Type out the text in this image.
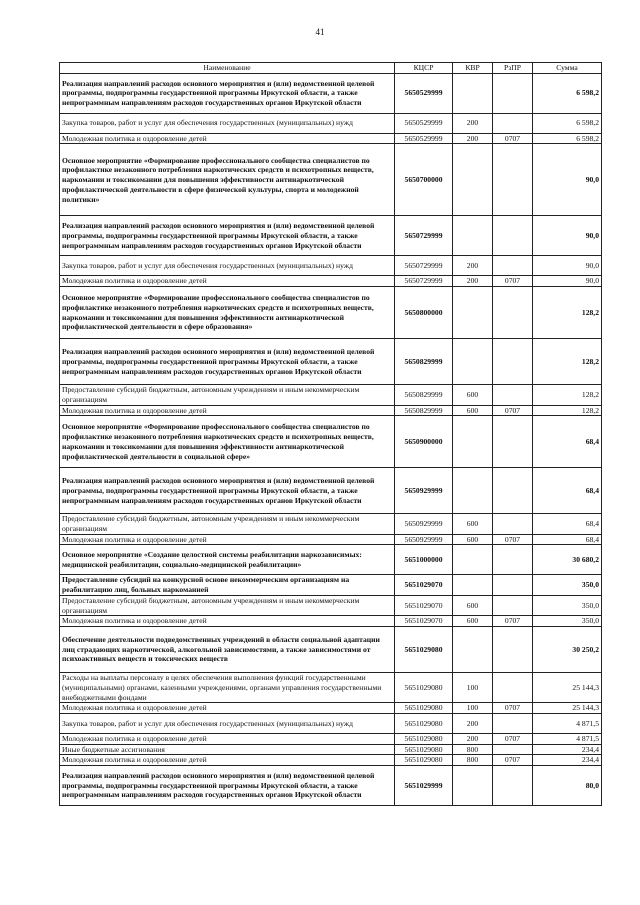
41
Наименование	КЦСР	КВР	РзПР	Сумма
Реализация направлений расходов основного мероприятия и (или) ведомственной целевой программы, подпрограммы государственной программы Иркутской области, а также непрограммным направлениям расходов государственных органов Иркутской области	5650529999			6 598,2
Закупка товаров, работ и услуг для обеспечения государственных (муниципальных) нужд	5650529999	200		6 598,2
Молодежная политика и оздоровление детей	5650529999	200	0707	6 598,2
Основное мероприятие «Формирование профессионального сообщества специалистов по профилактике незаконного потребления наркотических средств и психотропных веществ, наркомании и токсикомании для повышения эффективности антинаркотической профилактической деятельности в сфере физической культуры, спорта и молодежной политики»	5650700000			90,0
Реализация направлений расходов основного мероприятия и (или) ведомственной целевой программы, подпрограммы государственной программы Иркутской области, а также непрограммным направлениям расходов государственных органов Иркутской области	5650729999			90,0
Закупка товаров, работ и услуг для обеспечения государственных (муниципальных) нужд	5650729999	200		90,0
Молодежная политика и оздоровление детей	5650729999	200	0707	90,0
Основное мероприятие «Формирование профессионального сообщества специалистов по профилактике незаконного потребления наркотических средств и психотропных веществ, наркомании и токсикомании для повышения эффективности антинаркотической профилактической деятельности в сфере образования»	5650800000			128,2
Реализация направлений расходов основного мероприятия и (или) ведомственной целевой программы, подпрограммы государственной программы Иркутской области, а также непрограммным направлениям расходов государственных органов Иркутской области	5650829999			128,2
Предоставление субсидий бюджетным, автономным учреждениям и иным некоммерческим организациям	5650829999	600		128,2
Молодежная политика и оздоровление детей	5650829999	600	0707	128,2
Основное мероприятие «Формирование профессионального сообщества специалистов по профилактике незаконного потребления наркотических средств и психотропных веществ, наркомании и токсикомании для повышения эффективности антинаркотической профилактической деятельности в социальной сфере»	5650900000			68,4
Реализация направлений расходов основного мероприятия и (или) ведомственной целевой программы, подпрограммы государственной программы Иркутской области, а также непрограммным направлениям расходов государственных органов Иркутской области	5650929999			68,4
Предоставление субсидий бюджетным, автономным учреждениям и иным некоммерческим организациям	5650929999	600		68,4
Молодежная политика и оздоровление детей	5650929999	600	0707	68,4
Основное мероприятие «Создание целостной системы реабилитации наркозависимых: медицинской реабилитации, социально-медицинской реабилитации»	5651000000			30 680,2
Предоставление субсидий на конкурсной основе некоммерческим организациям на реабилитацию лиц, больных наркоманией	5651029070			350,0
Предоставление субсидий бюджетным, автономным учреждениям и иным некоммерческим организациям	5651029070	600		350,0
Молодежная политика и оздоровление детей	5651029070	600	0707	350,0
Обеспечение деятельности подведомственных учреждений в области социальной адаптации лиц страдающих наркотической, алкогольной зависимостями, а также зависимостями от психоактивных веществ и токсических веществ	5651029080			30 250,2
Расходы на выплаты персоналу в целях обеспечения выполнения функций государственными (муниципальными) органами, казенными учреждениями, органами управления государственными внебюджетными фондами	5651029080	100		25 144,3
Молодежная политика и оздоровление детей	5651029080	100	0707	25 144,3
Закупка товаров, работ и услуг для обеспечения государственных (муниципальных) нужд	5651029080	200		4 871,5
Молодежная политика и оздоровление детей	5651029080	200	0707	4 871,5
Иные бюджетные ассигнования	5651029080	800		234,4
Молодежная политика и оздоровление детей	5651029080	800	0707	234,4
Реализация направлений расходов основного мероприятия и (или) ведомственной целевой программы, подпрограммы государственной программы Иркутской области, а также непрограммным направлениям расходов государственных органов Иркутской области	5651029999			80,0
